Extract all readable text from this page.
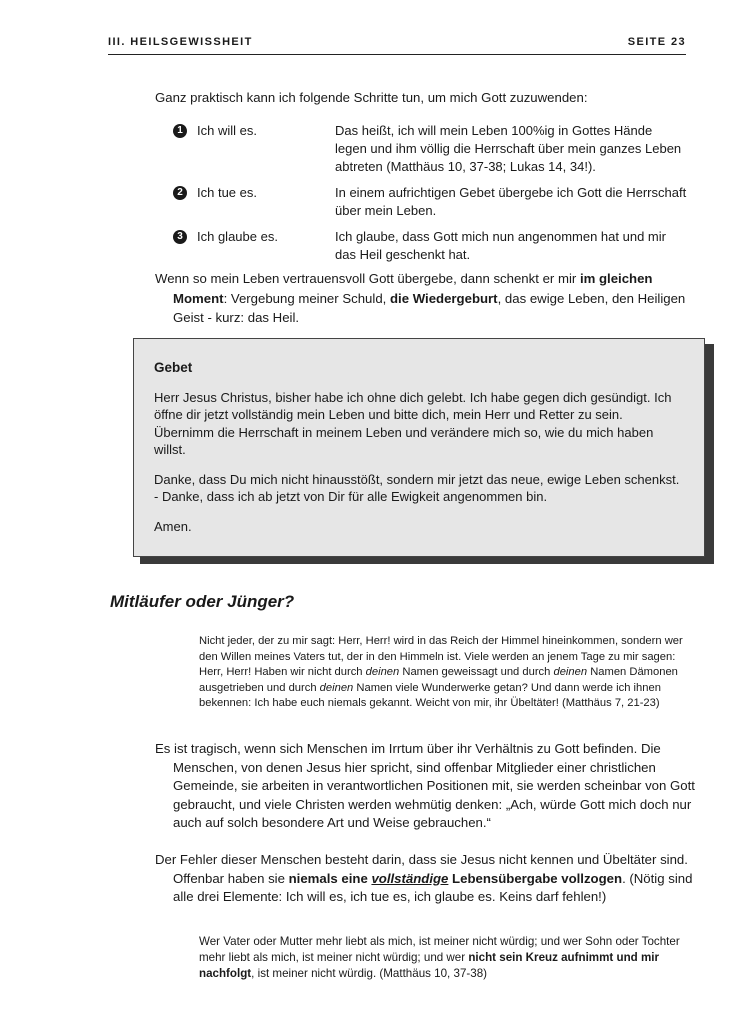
III. HEILSGEWISSHEIT	SEITE 23
Ganz praktisch kann ich folgende Schritte tun, um mich Gott zuzuwenden:
1	Ich will es.	Das heißt, ich will mein Leben 100%ig in Gottes Hände legen und ihm völlig die Herrschaft über mein ganzes Leben abtreten (Matthäus 10, 37-38; Lukas 14, 34!).
2	Ich tue es.	In einem aufrichtigen Gebet übergebe ich Gott die Herrschaft über mein Leben.
3	Ich glaube es.	Ich glaube, dass Gott mich nun angenommen hat und mir das Heil geschenkt hat.
Wenn so mein Leben vertrauensvoll Gott übergebe, dann schenkt er mir im gleichen Moment: Vergebung meiner Schuld, die Wiedergeburt, das ewige Leben, den Heiligen Geist - kurz: das Heil.
Gebet

Herr Jesus Christus, bisher habe ich ohne dich gelebt. Ich habe gegen dich gesündigt. Ich öffne dir jetzt vollständig mein Leben und bitte dich, mein Herr und Retter zu sein. Übernimm die Herrschaft in meinem Leben und verändere mich so, wie du mich haben willst.

Danke, dass Du mich nicht hinausstößt, sondern mir jetzt das neue, ewige Leben schenkst. - Danke, dass ich ab jetzt von Dir für alle Ewigkeit angenommen bin.

Amen.

Mitläufer oder Jünger?
Nicht jeder, der zu mir sagt: Herr, Herr! wird in das Reich der Himmel hineinkommen, sondern wer den Willen meines Vaters tut, der in den Himmeln ist. Viele werden an jenem Tage zu mir sagen: Herr, Herr! Haben wir nicht durch deinen Namen geweissagt und durch deinen Namen Dämonen ausgetrieben und durch deinen Namen viele Wunderwerke getan? Und dann werde ich ihnen bekennen: Ich habe euch niemals gekannt. Weicht von mir, ihr Übeltäter! (Matthäus 7, 21-23)
Es ist tragisch, wenn sich Menschen im Irrtum über ihr Verhältnis zu Gott befinden. Die Menschen, von denen Jesus hier spricht, sind offenbar Mitglieder einer christlichen Gemeinde, sie arbeiten in verantwortlichen Positionen mit, sie werden scheinbar von Gott gebraucht, und viele Christen werden wehmütig denken: „Ach, würde Gott mich doch nur auch auf solch besondere Art und Weise gebrauchen.“
Der Fehler dieser Menschen besteht darin, dass sie Jesus nicht kennen und Übeltäter sind. Offenbar haben sie niemals eine vollständige Lebensübergabe vollzogen. (Nötig sind alle drei Elemente: Ich will es, ich tue es, ich glaube es. Keins darf fehlen!)
Wer Vater oder Mutter mehr liebt als mich, ist meiner nicht würdig; und wer Sohn oder Tochter mehr liebt als mich, ist meiner nicht würdig; und wer nicht sein Kreuz aufnimmt und mir nachfolgt, ist meiner nicht würdig. (Matthäus 10, 37-38)
